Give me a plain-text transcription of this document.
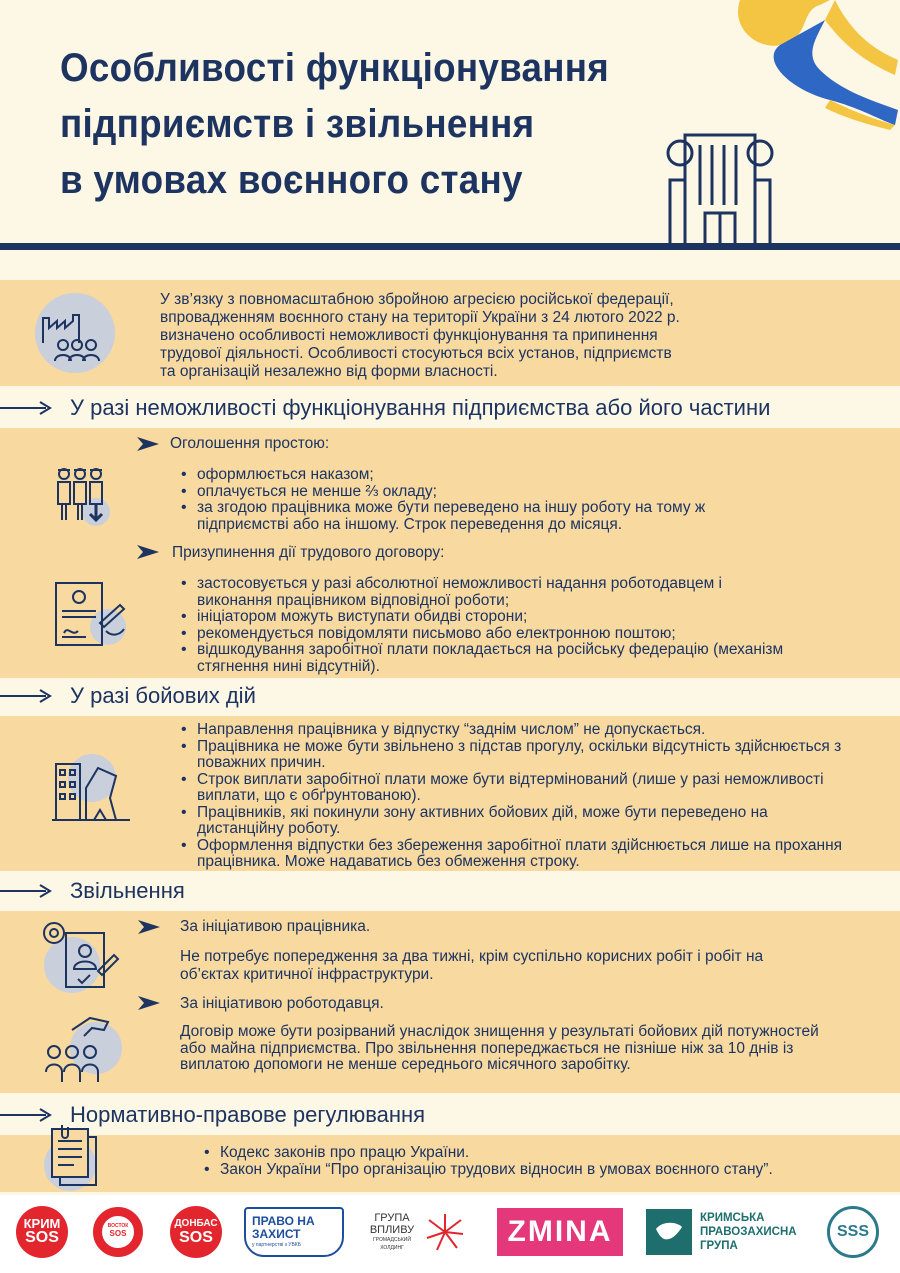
Особливості функціонування
підприємств і звільнення
в умовах воєнного стану
У зв’язку з повномасштабною збройною агресією російської федерації,
впровадженням воєнного стану на території України з 24 лютого 2022 р.
визначено особливості неможливості функціонування та припинення
трудової діяльності. Особливості стосуються всіх установ, підприємств
та організацій незалежно від форми власності.
У разі неможливості функціонування підприємства або його частини
Оголошення простою:
• оформлюється наказом;
• оплачується не менше ⅔ окладу;
• за згодою працівника може бути переведено на іншу роботу на тому ж підприємстві або на іншому. Строк переведення до місяця.
Призупинення дії трудового договору:
• застосовується у разі абсолютної неможливості надання роботодавцем і виконання працівником відповідної роботи;
• ініціатором можуть виступати обидві сторони;
• рекомендується повідомляти письмово або електронною поштою;
• відшкодування заробітної плати покладається на російську федерацію (механізм стягнення нині відсутній).
У разі бойових дій
• Направлення працівника у відпустку “заднім числом” не допускається.
• Працівника не може бути звільнено з підстав прогулу, оскільки відсутність здійснюється з поважних причин.
• Строк виплати заробітної плати може бути відтермінований (лише у разі неможливості виплати, що є обґрунтованою).
• Працівників, які покинули зону активних бойових дій, може бути переведено на дистанційну роботу.
• Оформлення відпустки без збереження заробітної плати здійснюється лише на прохання працівника. Може надаватись без обмеження строку.
Звільнення
За ініціативою працівника.
Не потребує попередження за два тижні, крім суспільно корисних робіт і робіт на об’єктах критичної інфраструктури.
За ініціативою роботодавця.
Договір може бути розірваний унаслідок знищення у результаті бойових дій потужностей або майна підприємства. Про звільнення попереджається не пізніше ніж за 10 днів із виплатою допомоги не менше середнього місячного заробітку.
Нормативно-правове регулювання
• Кодекс законів про працю України.
• Закон України “Про організацію трудових відносин в умовах воєнного стану”.
КРИМ
SOS
ВОСТОК
SOS
ДОНБАС
SOS
ПРАВО НА
ЗАХИСТ
у партнерстві з УВКБ
ГРУПА
ВПЛИВУ
ГРОМАДСЬКИЙ ХОЛДИНГ	ZMINA	КРИМСЬКА
ПРАВОЗАХИСНА
ГРУПА
SSS
